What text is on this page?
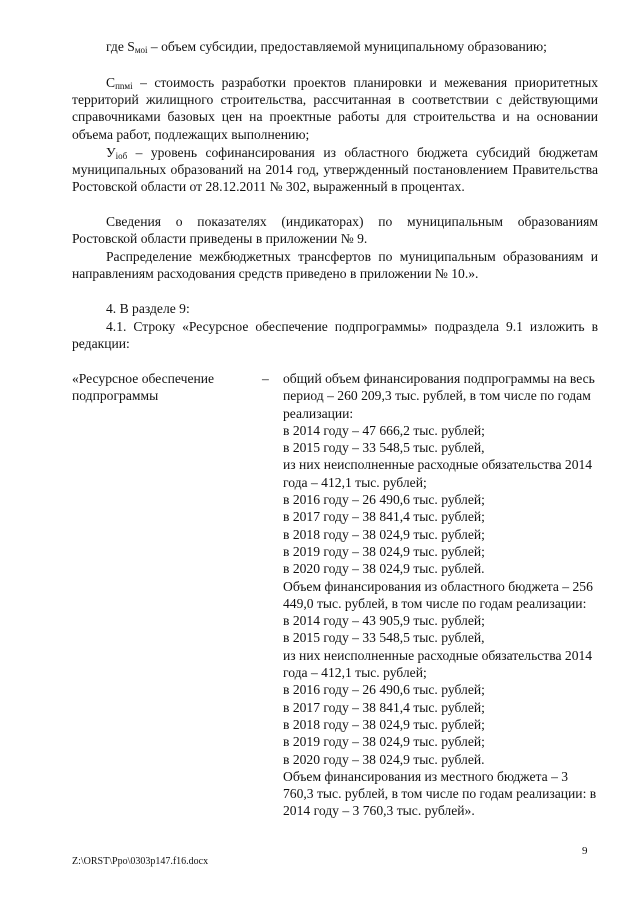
где $S_{мoi}$ – объем субсидии, предоставляемой муниципальному образованию;

$С_{пnмi}$ – стоимость разработки проектов планировки и межевания приоритетных территорий жилищного строительства, рассчитанная в соответствии с действующими справочниками базовых цен на проектные работы для строительства и на основании объема работ, подлежащих выполнению;

$У_{iоб}$ – уровень софинансирования из областного бюджета субсидий бюджетам муниципальных образований на 2014 год, утвержденный постановлением Правительства Ростовской области от 28.12.2011 № 302, выраженный в процентах.

Сведения о показателях (индикаторах) по муниципальным образованиям Ростовской области приведены в приложении № 9.

Распределение межбюджетных трансфертов по муниципальным образованиям и направлениям расходования средств приведено в приложении № 10.».

4. В разделе 9:

4.1. Строку «Ресурсное обеспечение подпрограммы» подраздела 9.1 изложить в редакции:

«Ресурсное обеспечение подпрограммы
– общий объем финансирования подпрограммы на весь период – 260 209,3 тыс. рублей, в том числе по годам реализации:
в 2014 году – 47 666,2 тыс. рублей;
в 2015 году – 33 548,5 тыс. рублей,
из них неисполненные расходные обязательства 2014 года – 412,1 тыс. рублей;
в 2016 году – 26 490,6 тыс. рублей;
в 2017 году – 38 841,4 тыс. рублей;
в 2018 году – 38 024,9 тыс. рублей;
в 2019 году – 38 024,9 тыс. рублей;
в 2020 году – 38 024,9 тыс. рублей.
Объем финансирования из областного бюджета – 256 449,0 тыс. рублей, в том числе по годам реализации:
в 2014 году – 43 905,9 тыс. рублей;
в 2015 году – 33 548,5 тыс. рублей,
из них неисполненные расходные обязательства 2014 года – 412,1 тыс. рублей;
в 2016 году – 26 490,6 тыс. рублей;
в 2017 году – 38 841,4 тыс. рублей;
в 2018 году – 38 024,9 тыс. рублей;
в 2019 году – 38 024,9 тыс. рублей;
в 2020 году – 38 024,9 тыс. рублей.
Объем финансирования из местного бюджета – 3 760,3 тыс. рублей, в том числе по годам реализации: в 2014 году – 3 760,3 тыс. рублей».
9
Z:\ORST\Ppo\0303p147.f16.docx
